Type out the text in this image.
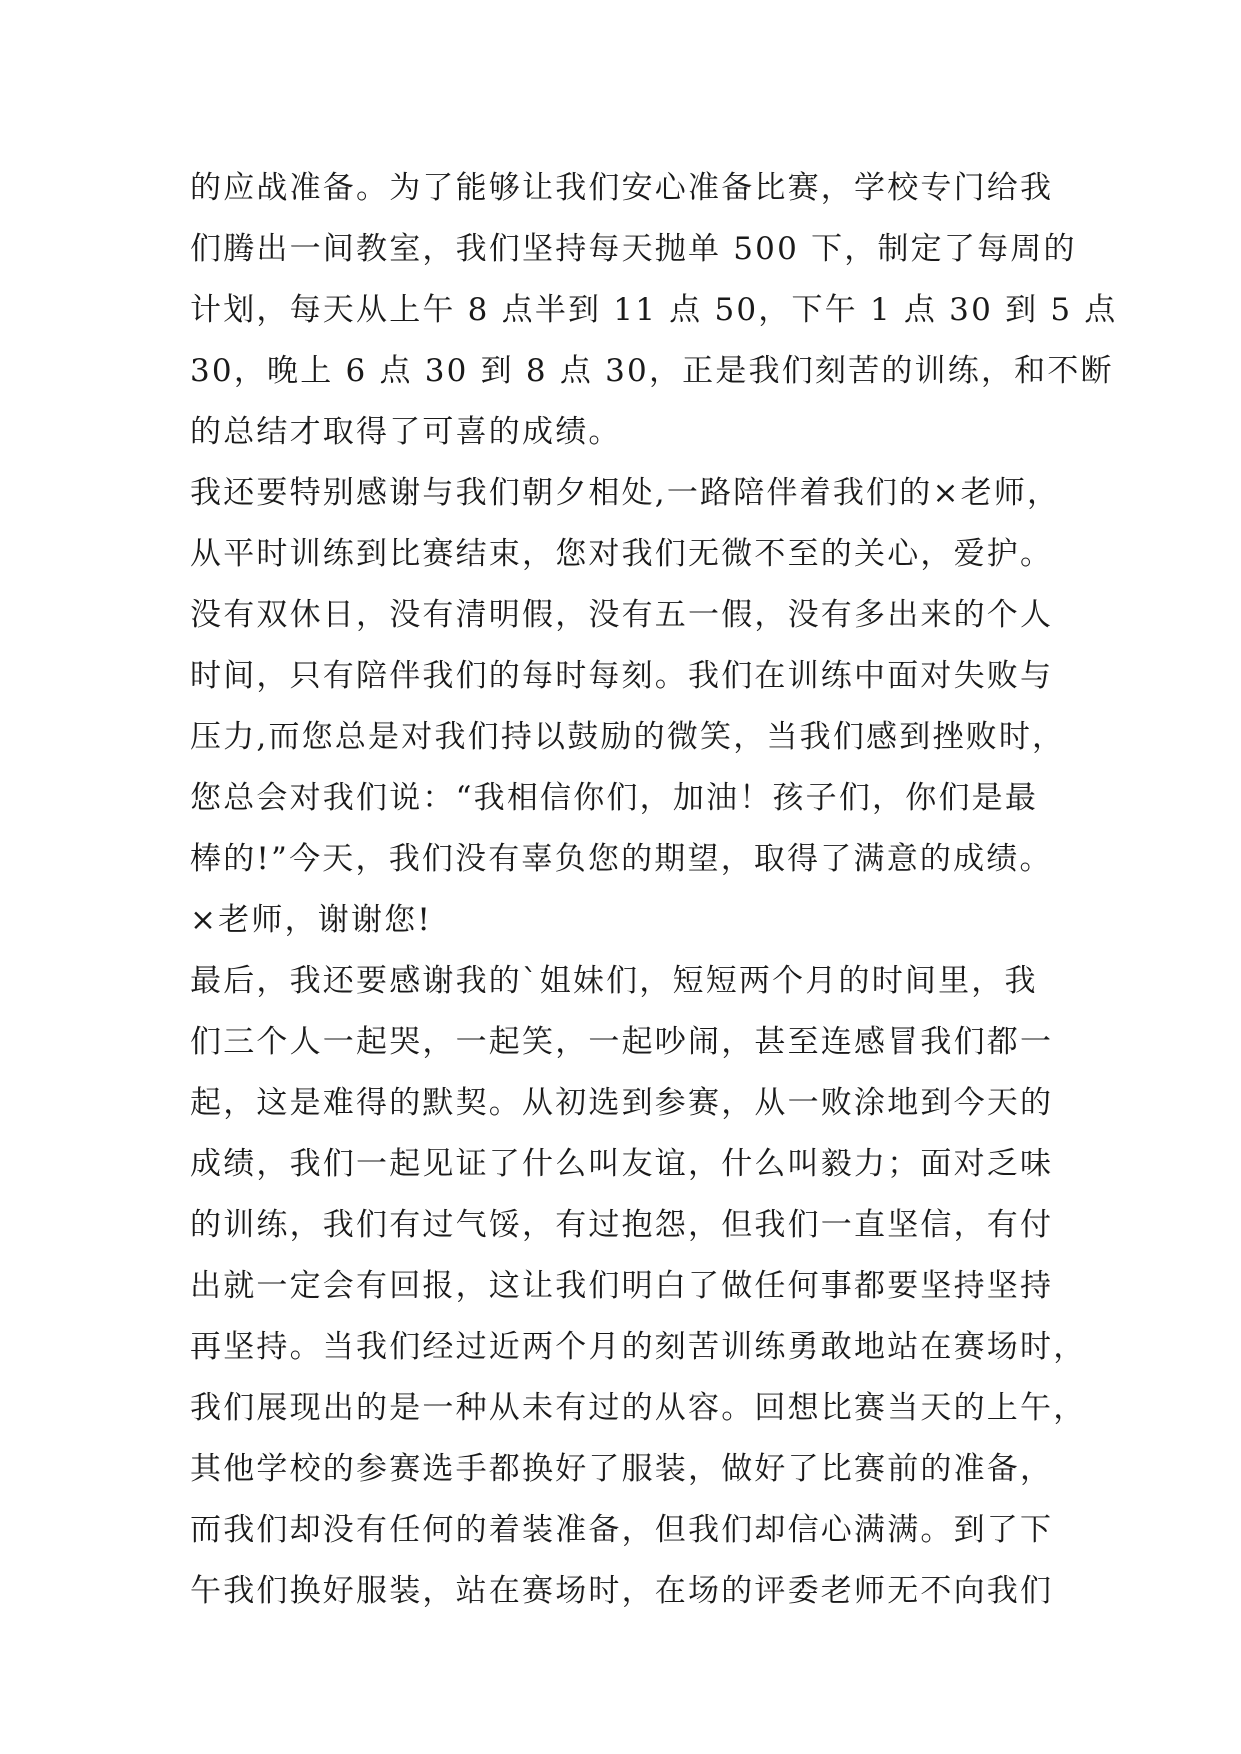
的应战准备。为了能够让我们安心准备比赛，学校专门给我
们腾出一间教室，我们坚持每天抛单 500 下，制定了每周的
计划，每天从上午 8 点半到 11 点 50，下午 1 点 30 到 5 点
30，晚上 6 点 30 到 8 点 30，正是我们刻苦的训练，和不断
的总结才取得了可喜的成绩。
我还要特别感谢与我们朝夕相处,一路陪伴着我们的×老师，
从平时训练到比赛结束，您对我们无微不至的关心，爱护。
没有双休日，没有清明假，没有五一假，没有多出来的个人
时间，只有陪伴我们的每时每刻。我们在训练中面对失败与
压力,而您总是对我们持以鼓励的微笑，当我们感到挫败时，
您总会对我们说：“我相信你们，加油！孩子们，你们是最
棒的!”今天，我们没有辜负您的期望，取得了满意的成绩。
×老师，谢谢您!
最后，我还要感谢我的`姐妹们，短短两个月的时间里，我
们三个人一起哭，一起笑，一起吵闹，甚至连感冒我们都一
起，这是难得的默契。从初选到参赛，从一败涂地到今天的
成绩，我们一起见证了什么叫友谊，什么叫毅力；面对乏味
的训练，我们有过气馁，有过抱怨，但我们一直坚信，有付
出就一定会有回报，这让我们明白了做任何事都要坚持坚持
再坚持。当我们经过近两个月的刻苦训练勇敢地站在赛场时，
我们展现出的是一种从未有过的从容。回想比赛当天的上午，
其他学校的参赛选手都换好了服装，做好了比赛前的准备，
而我们却没有任何的着装准备，但我们却信心满满。到了下
午我们换好服装，站在赛场时，在场的评委老师无不向我们
